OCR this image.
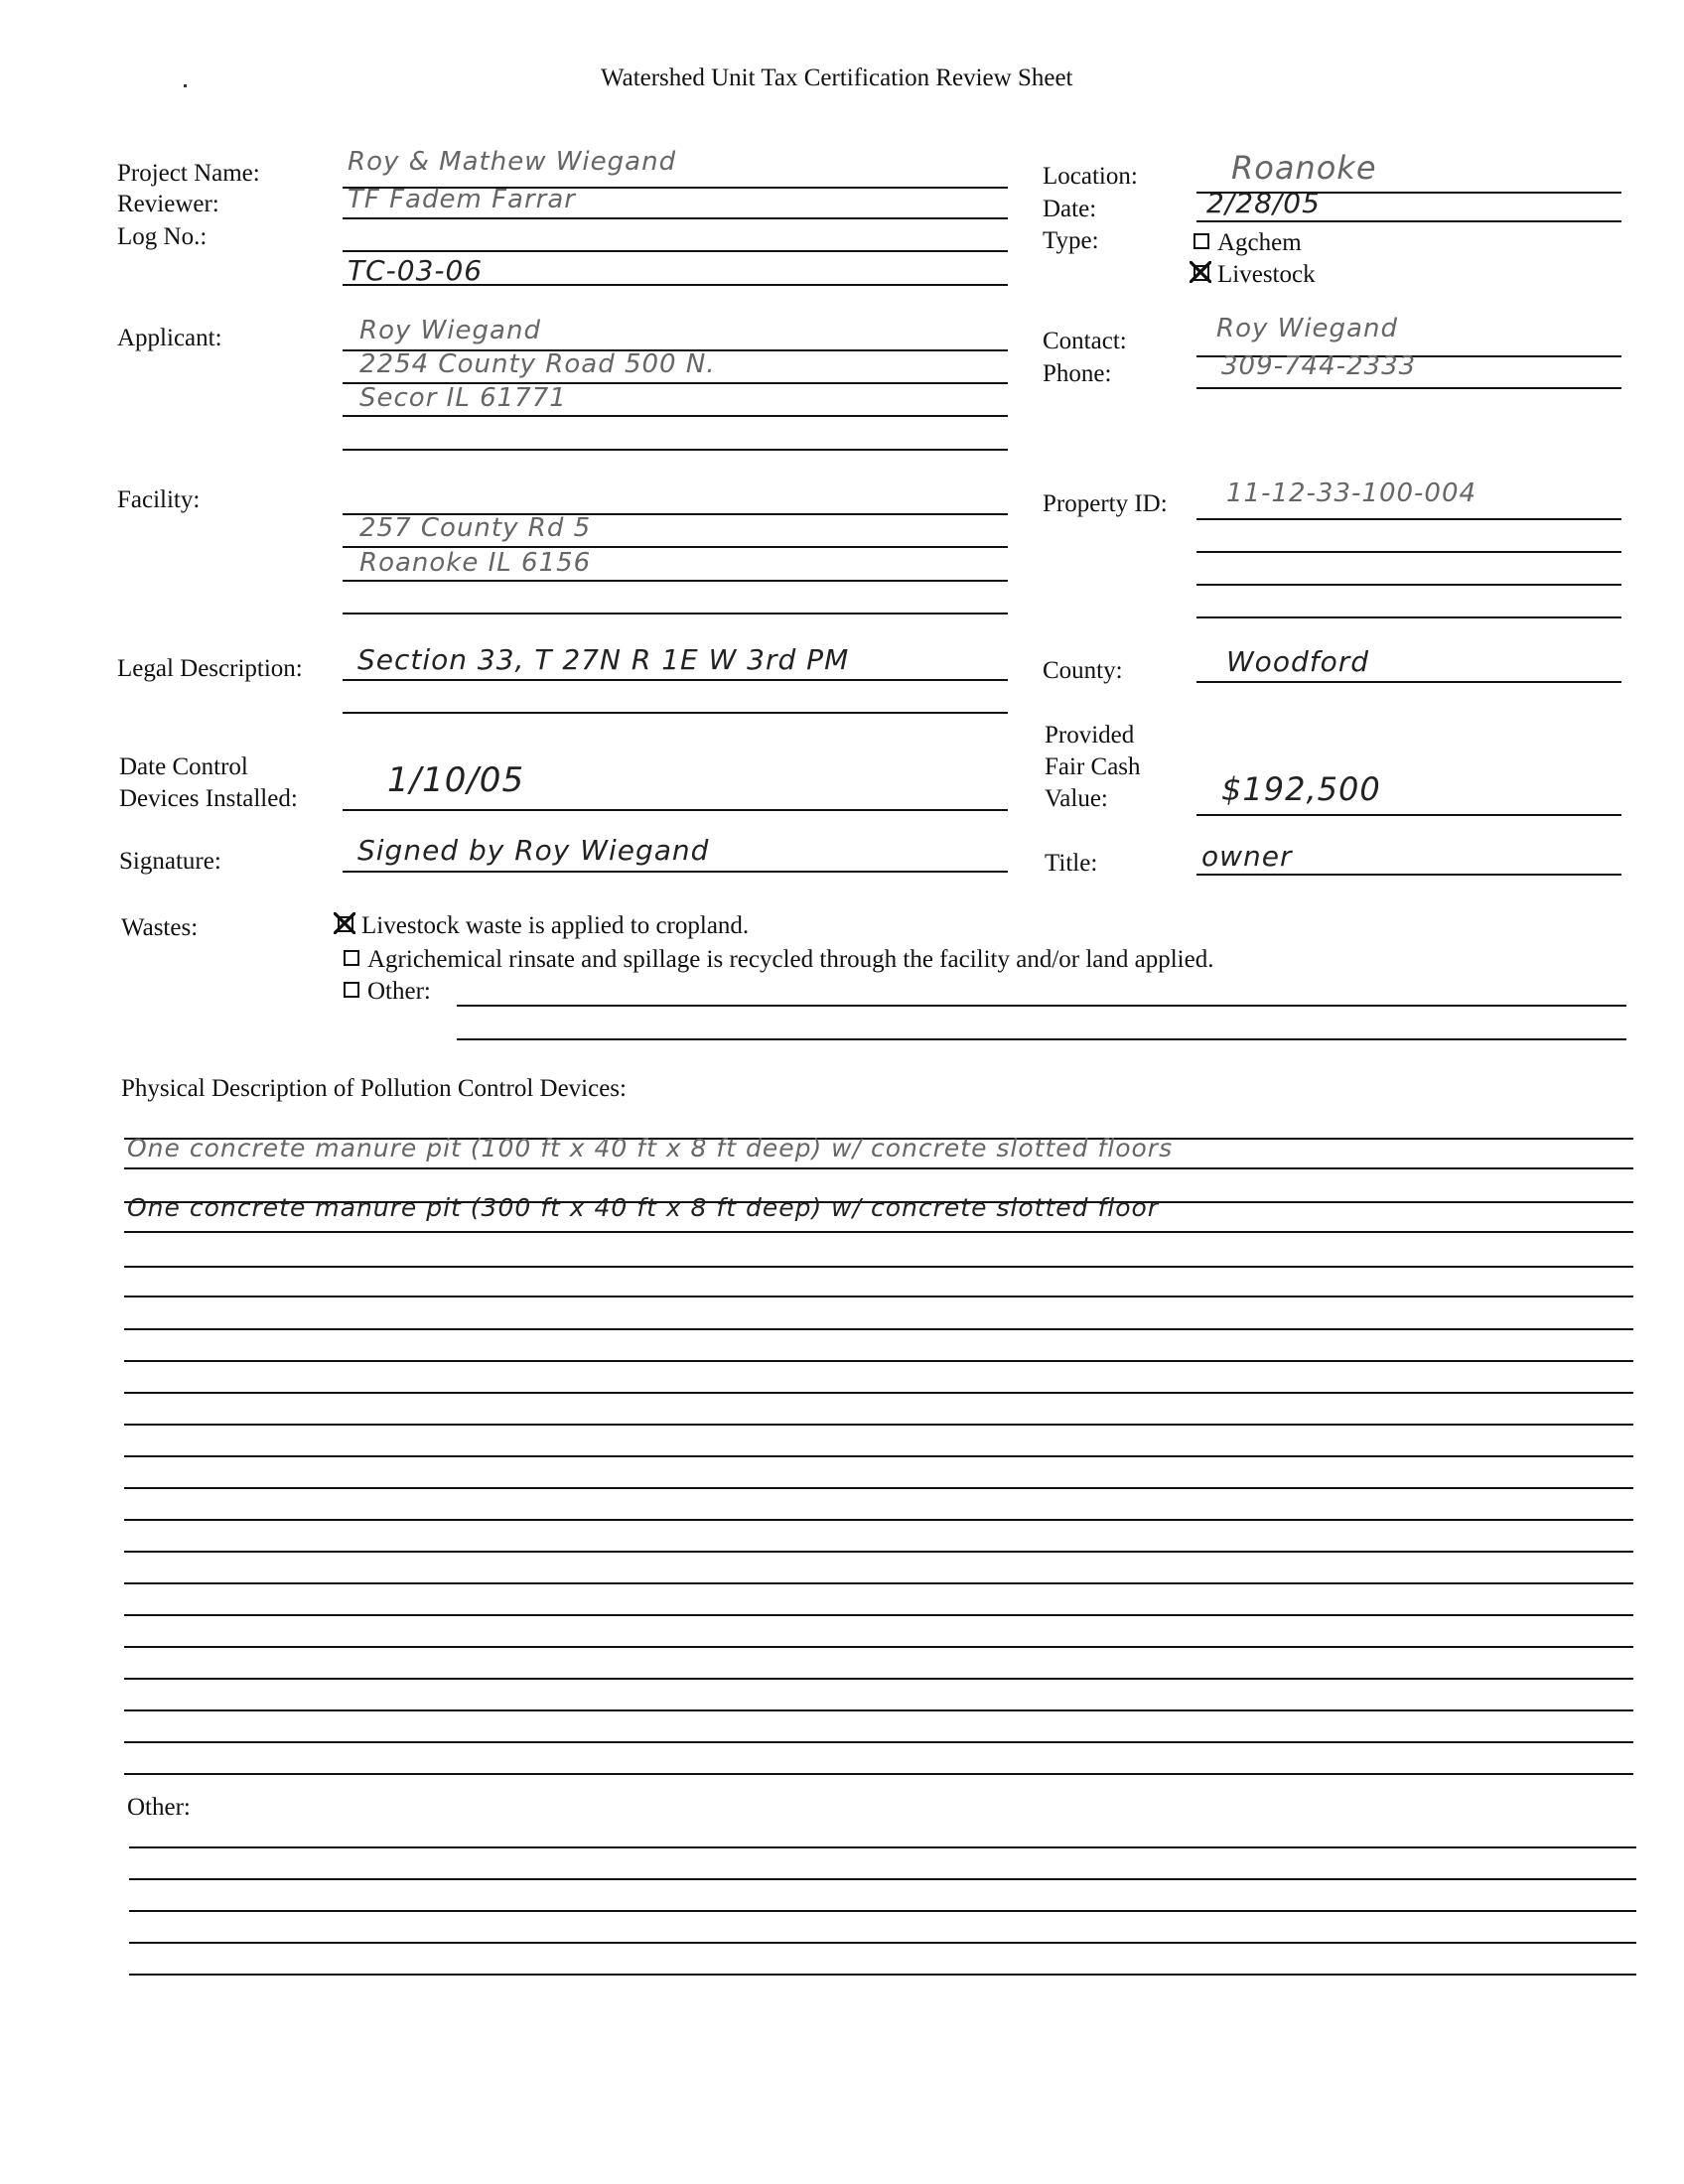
Watershed Unit Tax Certification Review Sheet
Project Name:
Reviewer:
Log No.:
Applicant:
Facility:
Legal Description:
Date Control
Devices Installed:
Signature:
Wastes:
Roy & Mathew Wiegand
TF Fadem Farrar
TC-03-06
Roy Wiegand
2254 County Road 500 N.
Secor IL 61771
257 County Rd 5
Roanoke IL 6156
Section 33, T 27N R 1E W 3rd PM
1/10/05
Signed by Roy Wiegand
Location:
Date:
Type:
Contact:
Phone:
Property ID:
County:
Provided
Fair Cash
Value:
Title:
Agchem
Livestock
Roanoke
2/28/05
Roy Wiegand
309-744-2333
11-12-33-100-004
Woodford
$192,500
owner
Livestock waste is applied to cropland.
Agrichemical rinsate and spillage is recycled through the facility and/or land applied.
Other:
Physical Description of Pollution Control Devices:
One concrete manure pit (100 ft x 40 ft x 8 ft deep) w/ concrete slotted floors
One concrete manure pit (300 ft x 40 ft x 8 ft deep) w/ concrete slotted floor
Other:
